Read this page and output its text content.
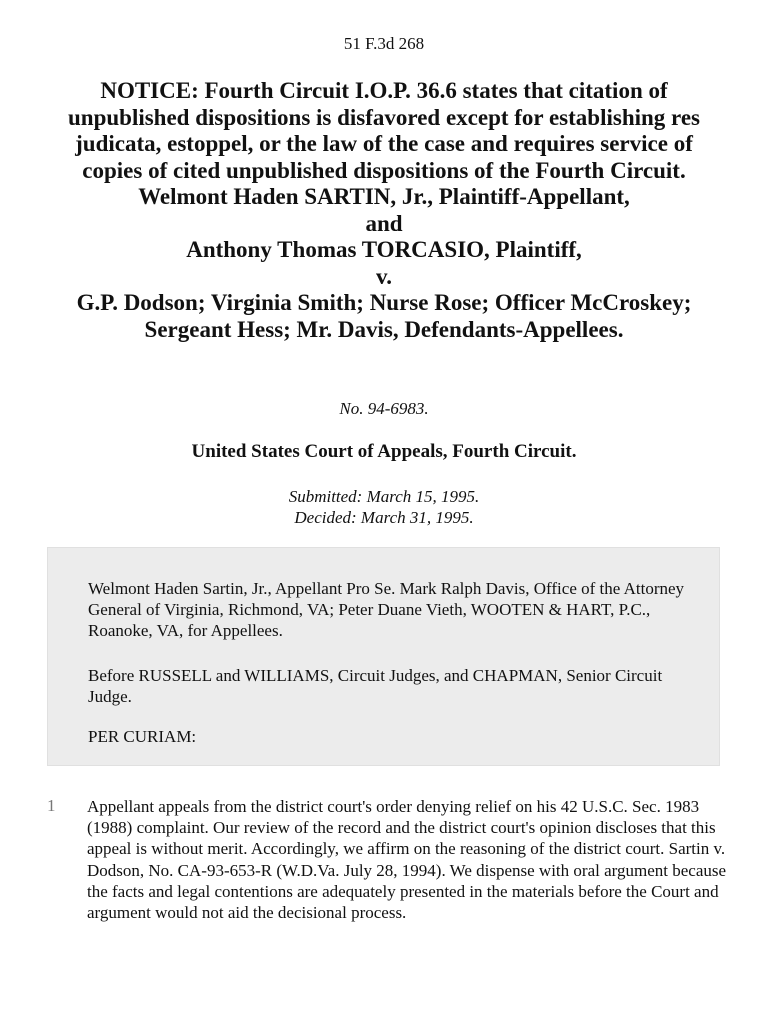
51 F.3d 268
NOTICE: Fourth Circuit I.O.P. 36.6 states that citation of unpublished dispositions is disfavored except for establishing res judicata, estoppel, or the law of the case and requires service of copies of cited unpublished dispositions of the Fourth Circuit.
Welmont Haden SARTIN, Jr., Plaintiff-Appellant,
and
Anthony Thomas TORCASIO, Plaintiff,
v.
G.P. Dodson; Virginia Smith; Nurse Rose; Officer McCroskey; Sergeant Hess; Mr. Davis, Defendants-Appellees.
No. 94-6983.
United States Court of Appeals, Fourth Circuit.
Submitted: March 15, 1995.
Decided: March 31, 1995.

Welmont Haden Sartin, Jr., Appellant Pro Se. Mark Ralph Davis, Office of the Attorney General of Virginia, Richmond, VA; Peter Duane Vieth, WOOTEN & HART, P.C., Roanoke, VA, for Appellees.

Before RUSSELL and WILLIAMS, Circuit Judges, and CHAPMAN, Senior Circuit Judge.

PER CURIAM:

1 Appellant appeals from the district court's order denying relief on his 42 U.S.C. Sec. 1983 (1988) complaint. Our review of the record and the district court's opinion discloses that this appeal is without merit. Accordingly, we affirm on the reasoning of the district court. Sartin v. Dodson, No. CA-93-653-R (W.D.Va. July 28, 1994). We dispense with oral argument because the facts and legal contentions are adequately presented in the materials before the Court and argument would not aid the decisional process.
